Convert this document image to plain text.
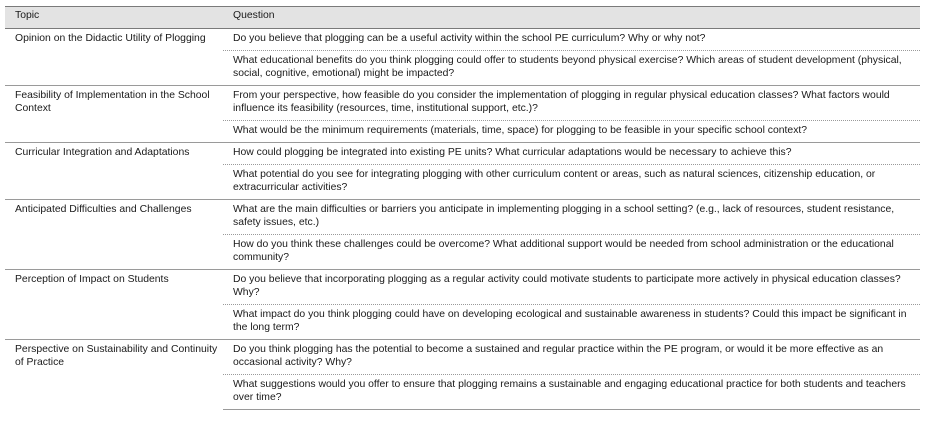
Topic	Question
Opinion on the Didactic Utility of Plogging	Do you believe that plogging can be a useful activity within the school PE curriculum? Why or why not?
	What educational benefits do you think plogging could offer to students beyond physical exercise? Which areas of student development (physical, social, cognitive, emotional) might be impacted?
Feasibility of Implementation in the School Context	From your perspective, how feasible do you consider the implementation of plogging in regular physical education classes? What factors would influence its feasibility (resources, time, institutional support, etc.)?
	What would be the minimum requirements (materials, time, space) for plogging to be feasible in your specific school context?
Curricular Integration and Adaptations	How could plogging be integrated into existing PE units? What curricular adaptations would be necessary to achieve this?
	What potential do you see for integrating plogging with other curriculum content or areas, such as natural sciences, citizenship education, or extracurricular activities?
Anticipated Difficulties and Challenges	What are the main difficulties or barriers you anticipate in implementing plogging in a school setting? (e.g., lack of resources, student resistance, safety issues, etc.)
	How do you think these challenges could be overcome? What additional support would be needed from school administration or the educational community?
Perception of Impact on Students	Do you believe that incorporating plogging as a regular activity could motivate students to participate more actively in physical education classes? Why?
	What impact do you think plogging could have on developing ecological and sustainable awareness in students? Could this impact be significant in the long term?
Perspective on Sustainability and Continuity of Practice	Do you think plogging has the potential to become a sustained and regular practice within the PE program, or would it be more effective as an occasional activity? Why?
	What suggestions would you offer to ensure that plogging remains a sustainable and engaging educational practice for both students and teachers over time?
